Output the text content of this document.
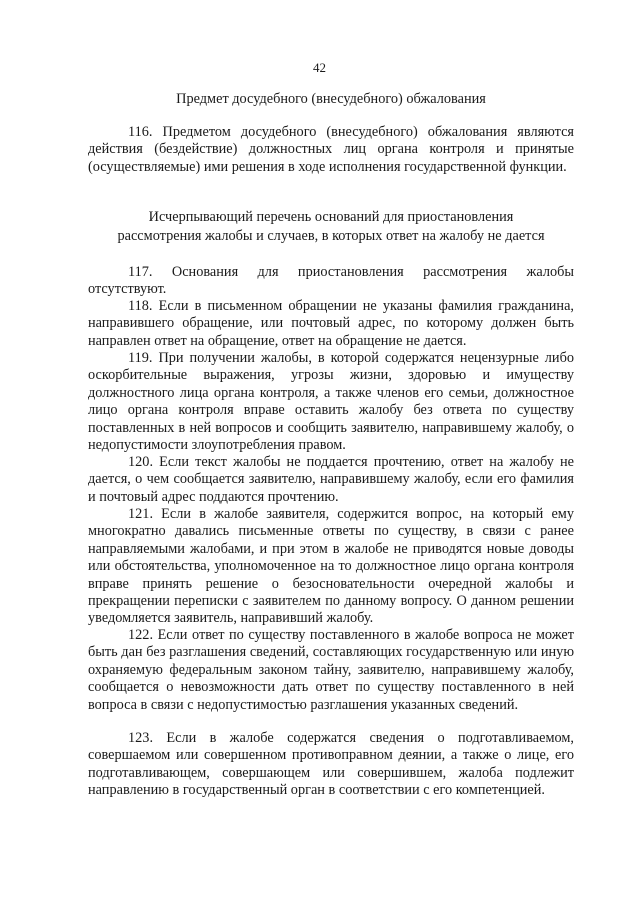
42
Предмет досудебного (внесудебного) обжалования

116. Предметом досудебного (внесудебного) обжалования являются действия (бездействие) должностных лиц органа контроля и принятые (осуществляемые) ими решения в ходе исполнения государственной функции.

Исчерпывающий перечень оснований для приостановления
рассмотрения жалобы и случаев, в которых ответ на жалобу не дается

117. Основания для приостановления рассмотрения жалобы отсутствуют.

118. Если в письменном обращении не указаны фамилия гражданина, направившего обращение, или почтовый адрес, по которому должен быть направлен ответ на обращение, ответ на обращение не дается.

119. При получении жалобы, в которой содержатся нецензурные либо оскорбительные выражения, угрозы жизни, здоровью и имуществу должностного лица органа контроля, а также членов его семьи, должностное лицо органа контроля вправе оставить жалобу без ответа по существу поставленных в ней вопросов и сообщить заявителю, направившему жалобу, о недопустимости злоупотребления правом.

120. Если текст жалобы не поддается прочтению, ответ на жалобу не дается, о чем сообщается заявителю, направившему жалобу, если его фамилия и почтовый адрес поддаются прочтению.

121. Если в жалобе заявителя, содержится вопрос, на который ему многократно давались письменные ответы по существу, в связи с ранее направляемыми жалобами, и при этом в жалобе не приводятся новые доводы или обстоятельства, уполномоченное на то должностное лицо органа контроля вправе принять решение о безосновательности очередной жалобы и прекращении переписки с заявителем по данному вопросу. О данном решении уведомляется заявитель, направивший жалобу.

122. Если ответ по существу поставленного в жалобе вопроса не может быть дан без разглашения сведений, составляющих государственную или иную охраняемую федеральным законом тайну, заявителю, направившему жалобу, сообщается о невозможности дать ответ по существу поставленного в ней вопроса в связи с недопустимостью разглашения указанных сведений.

123. Если в жалобе содержатся сведения о подготавливаемом, совершаемом или совершенном противоправном деянии, а также о лице, его подготавливающем, совершающем или совершившем, жалоба подлежит направлению в государственный орган в соответствии с его компетенцией.
